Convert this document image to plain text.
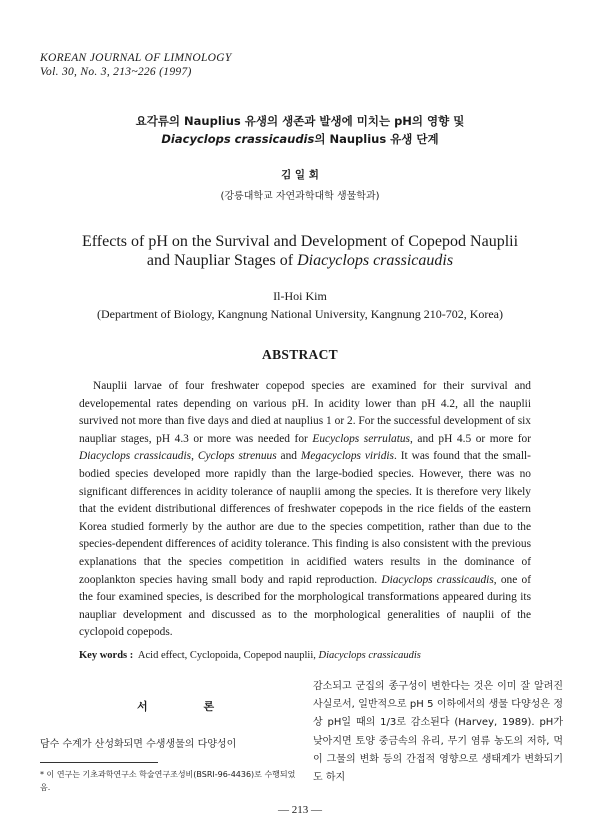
KOREAN JOURNAL OF LIMNOLOGY
Vol. 30, No. 3, 213~226 (1997)
요각류의 Nauplius 유생의 생존과 발생에 미치는 pH의 영향 및
Diacyclops crassicaudis의 Nauplius 유생 단계
김 일 회
(강릉대학교 자연과학대학 생물학과)
Effects of pH on the Survival and Development of Copepod Nauplii
and Naupliar Stages of Diacyclops crassicaudis
Il-Hoi Kim
(Department of Biology, Kangnung National University, Kangnung 210-702, Korea)
ABSTRACT

Nauplii larvae of four freshwater copepod species are examined for their survival and developemental rates depending on various pH. In acidity lower than pH 4.2, all the nauplii survived not more than five days and died at nauplius 1 or 2. For the successful development of six naupliar stages, pH 4.3 or more was needed for Eucyclops serrulatus, and pH 4.5 or more for Diacyclops crassicaudis, Cyclops strenuus and Megacyclops viridis. It was found that the small-bodied species developed more rapidly than the large-bodied species. However, there was no significant differences in acidity tolerance of nauplii among the species. It is therefore very likely that the evident distributional differences of freshwater copepods in the rice fields of the eastern Korea studied formerly by the author are due to the species competition, rather than due to the species-dependent differences of acidity tolerance. This finding is also consistent with the previous explanations that the species competition in acidified waters results in the dominance of zooplankton species having small body and rapid reproduction. Diacyclops crassicaudis, one of the four examined species, is described for the morphological transformations appeared during its naupliar development and discussed as to the morphological generalities of nauplii of the cyclopoid copepods.

Key words : Acid effect, Cyclopoida, Copepod nauplii, Diacyclops crassicaudis
서 론

담수 수계가 산성화되면 수생생물의 다양성이

감소되고 군집의 종구성이 변한다는 것은 이미 잘 알려진 사실로서, 일반적으로 pH 5 이하에서의 생물 다양성은 정상 pH일 때의 1/3로 감소된다 (Harvey, 1989). pH가 낮아지면 토양 중금속의 유리, 무기 염류 농도의 저하, 먹이 그물의 변화 등의 간접적 영향으로 생태계가 변화되기도 하지

* 이 연구는 기초과학연구소 학술연구조성비(BSRI-96-4436)로 수행되었음.
— 213 —
